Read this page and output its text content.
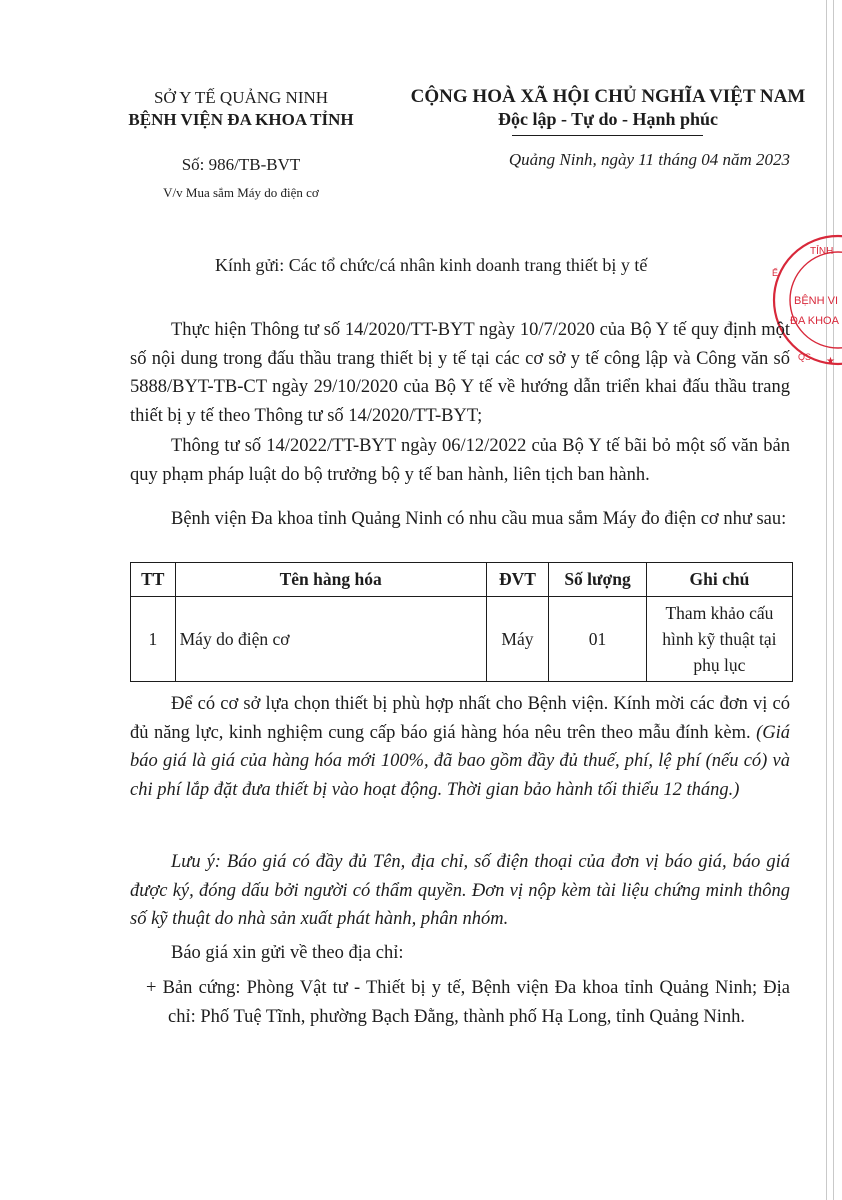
SỞ Y TẾ QUẢNG NINH
BỆNH VIỆN ĐA KHOA TỈNH
Số: 986/TB-BVT
V/v Mua sắm Máy do điện cơ
CỘNG HOÀ XÃ HỘI CHỦ NGHĨA VIỆT NAM
Độc lập - Tự do - Hạnh phúc
Quảng Ninh, ngày 11 tháng 04 năm 2023
TỈNH
BỆNH VI
ĐA KHOA
Ế
QS ★
Kính gửi: Các tổ chức/cá nhân kinh doanh trang thiết bị y tế
Thực hiện Thông tư số 14/2020/TT-BYT ngày 10/7/2020 của Bộ Y tế quy định một số nội dung trong đấu thầu trang thiết bị y tế tại các cơ sở y tế công lập và Công văn số 5888/BYT-TB-CT ngày 29/10/2020 của Bộ Y tế về hướng dẫn triển khai đấu thầu trang thiết bị y tế theo Thông tư số 14/2020/TT-BYT;
Thông tư số 14/2022/TT-BYT ngày 06/12/2022 của Bộ Y tế bãi bỏ một số văn bản quy phạm pháp luật do bộ trưởng bộ y tế ban hành, liên tịch ban hành.
Bệnh viện Đa khoa tỉnh Quảng Ninh có nhu cầu mua sắm Máy đo điện cơ như sau:
TT	Tên hàng hóa	ĐVT	Số lượng	Ghi chú
1	Máy do điện cơ	Máy	01	Tham khảo cấu hình kỹ thuật tại phụ lục
Để có cơ sở lựa chọn thiết bị phù hợp nhất cho Bệnh viện. Kính mời các đơn vị có đủ năng lực, kinh nghiệm cung cấp báo giá hàng hóa nêu trên theo mẫu đính kèm. (Giá báo giá là giá của hàng hóa mới 100%, đã bao gồm đầy đủ thuế, phí, lệ phí (nếu có) và chi phí lắp đặt đưa thiết bị vào hoạt động. Thời gian bảo hành tối thiểu 12 tháng.)
Lưu ý: Báo giá có đầy đủ Tên, địa chỉ, số điện thoại của đơn vị báo giá, báo giá được ký, đóng dấu bởi người có thẩm quyền. Đơn vị nộp kèm tài liệu chứng minh thông số kỹ thuật do nhà sản xuất phát hành, phân nhóm.
Báo giá xin gửi về theo địa chỉ:
+ Bản cứng: Phòng Vật tư - Thiết bị y tế, Bệnh viện Đa khoa tỉnh Quảng Ninh; Địa chỉ: Phố Tuệ Tĩnh, phường Bạch Đằng, thành phố Hạ Long, tỉnh Quảng Ninh.
